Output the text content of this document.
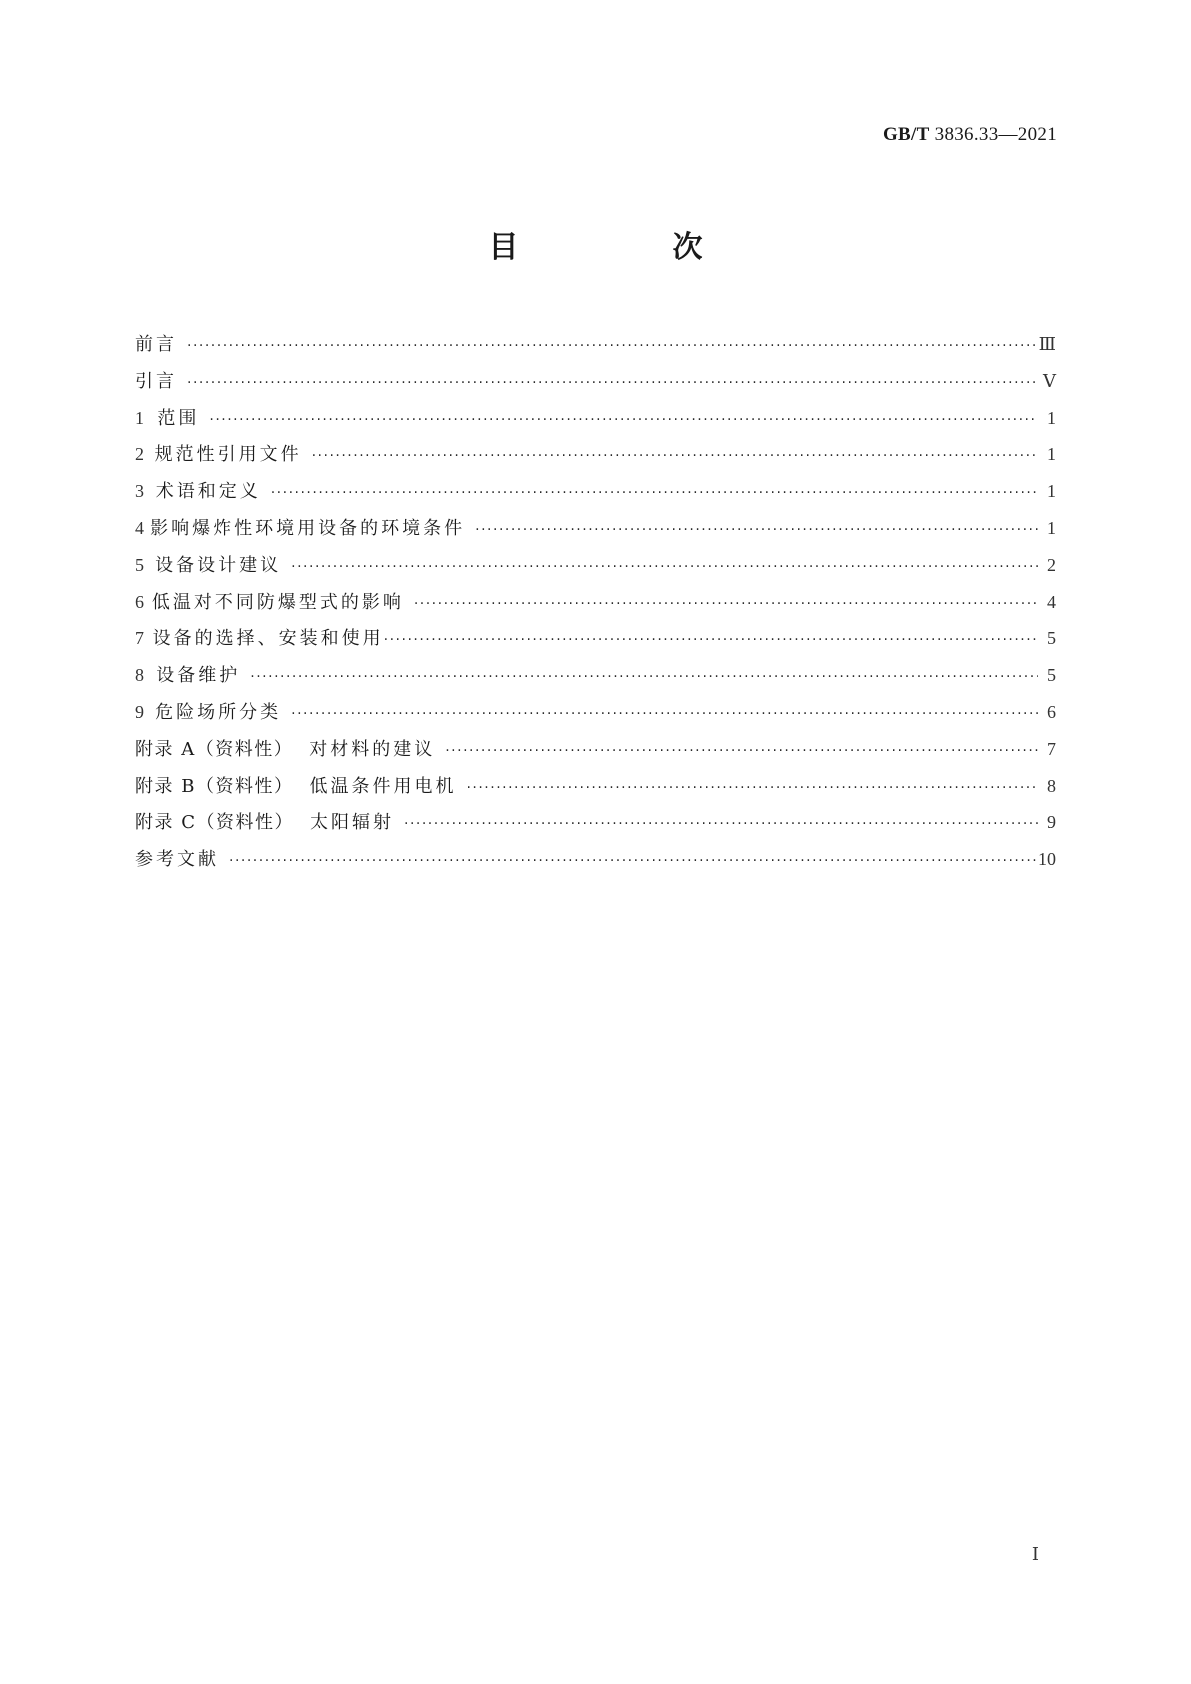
GB/T 3836.33—2021
目　次
前言 ·····	Ⅲ
引言 ·····	Ⅴ
1 范围 ·····	1
2 规范性引用文件 ·····	1
3 术语和定义 ·····	1
4 影响爆炸性环境用设备的环境条件 ·····	1
5 设备设计建议 ·····	2
6 低温对不同防爆型式的影响 ·····	4
7 设备的选择、安装和使用 ·····	5
8 设备维护 ·····	5
9 危险场所分类 ·····	6
附录 A（资料性） 对材料的建议 ·····	7
附录 B（资料性） 低温条件用电机 ·····	8
附录 C（资料性） 太阳辐射 ·····	9
参考文献 ·····	10
Ⅰ
